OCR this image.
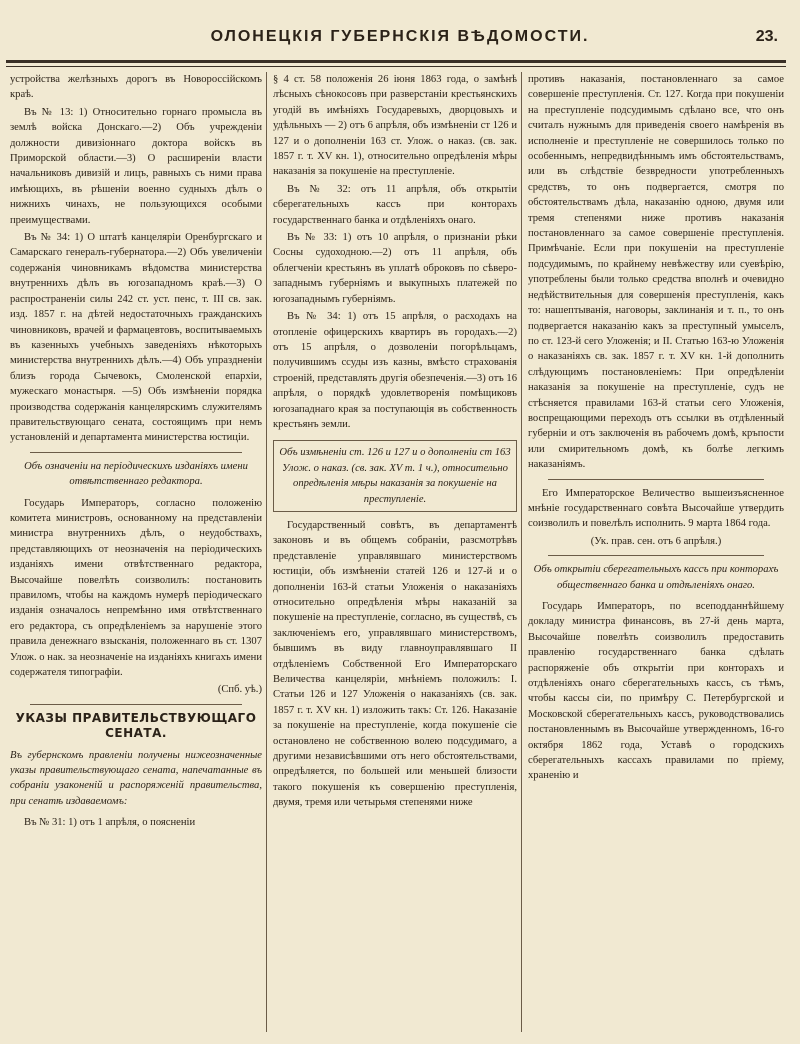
ОЛОНЕЦКІЯ ГУБЕРНСКІЯ ВѢДОМОСТИ.	23.

устройства желѣзныхъ дорогъ въ Новороссійскомъ краѣ.

Въ № 13: 1) Относительно горнаго промысла въ землѣ войска Донскаго.—2) Объ учрежденіи должности дивизіоннаго доктора войскъ въ Приморской области.—3) О расширеніи власти начальниковъ дивизій и лицъ, равныхъ съ ними права имѣющихъ, въ рѣшеніи военно судныхъ дѣлъ о нижнихъ чинахъ, не пользующихся особыми преимуществами.

Въ № 34: 1) О штатѣ канцеляріи Оренбургскаго и Самарскаго генералъ-губернатора.—2) Объ увеличеніи содержанія чиновникамъ вѣдомства министерства внутреннихъ дѣлъ въ югозападномъ краѣ.—3) О распространеніи силы 242 ст. уст. пенс, т. III св. зак. изд. 1857 г. на дѣтей недостаточныхъ гражданскихъ чиновниковъ, врачей и фармацевтовъ, воспитываемыхъ въ казенныхъ учебныхъ заведеніяхъ нѣкоторыхъ министерства внутреннихъ дѣлъ.—4) Объ упраздненіи близъ города Сычевокъ, Смоленской епархіи, мужескаго монастыря. —5) Объ измѣненіи порядка производства содержанія канцелярскимъ служителямъ правительствующаго сената, состоящимъ при немъ установленій и департамента министерства юстиціи.

Объ означеніи на періодическихъ изданіяхъ имени отвѣтственнаго редактора.

Государь Императоръ, согласно положенію комитета министровъ, основанному на представленіи министра внутреннихъ дѣлъ, о неудобствахъ, представляющихъ от неозначенія на періодическихъ изданіяхъ имени отвѣтственнаго редактора, Высочайше повелѣть соизволилъ: постановить правиломъ, чтобы на каждомъ нумерѣ періодическаго изданія означалось непремѣнно имя отвѣтственнаго его редактора, съ опредѣленіемъ за нарушеніе этого правила денежнаго взысканія, положеннаго въ ст. 1307 Улож. о нак. за неозначеніе на изданіяхъ книгахъ имени содержателя типографіи.

(Спб. уѣ.)

УКАЗЫ ПРАВИТЕЛЬСТВУЮЩАГО СЕНАТА.

Въ губернскомъ правленіи получены нижеозначенные указы правительствующаго сената, напечатанные въ собраніи узаконеній и распоряженій правительства, при сенатѣ издаваемомъ:

Въ № 31: 1) отъ 1 апрѣля, о поясненіи

§ 4 ст. 58 положенія 26 іюня 1863 года, о замѣнѣ лѣсныхъ сѣнокосовъ при разверстаніи крестьянскихъ угодій въ имѣніяхъ Государевыхъ, дворцовыхъ и удѣльныхъ — 2) отъ 6 апрѣля, объ измѣненіи ст 126 и 127 и о дополненіи 163 ст. Улож. о наказ. (св. зак. 1857 г. т. XV кн. 1), относительно опредѣленія мѣры наказанія за покушеніе на преступленіе.

Въ № 32: отъ 11 апрѣля, объ открытіи сберегательныхъ кассъ при конторахъ государственнаго банка и отдѣленіяхъ онаго.

Въ № 33: 1) отъ 10 апрѣля, о признаніи рѣки Сосны судоходною.—2) отъ 11 апрѣля, объ облегченіи крестьянъ въ уплатѣ оброковъ по сѣверо-западнымъ губерніямъ и выкупныхъ платежей по югозападнымъ губерніямъ.

Въ № 34: 1) отъ 15 апрѣля, о расходахъ на отопленіе офицерскихъ квартиръ въ городахъ.—2) отъ 15 апрѣля, о дозволеніи погорѣльцамъ, получившимъ ссуды изъ казны, вмѣсто страхованія строеній, представлять другія обезпеченія.—3) отъ 16 апрѣля, о порядкѣ удовлетворенія помѣщиковъ югозападнаго края за поступающія въ собственность крестьянъ земли.

Объ измѣненіи ст. 126 и 127 и о дополненіи ст 163 Улож. о наказ. (св. зак. XV т. 1 ч.), относительно опредѣленія мѣры наказанія за покушеніе на преступленіе.

Государственный совѣтъ, въ департаментѣ законовъ и въ общемъ собраніи, разсмотрѣвъ представленіе управлявшаго министерствомъ юстиціи, объ измѣненіи статей 126 и 127-й и о дополненіи 163-й статьи Уложенія о наказаніяхъ относительно опредѣленія мѣры наказаній за покушеніе на преступленіе, согласно, въ существѣ, съ заключеніемъ его, управлявшаго министерствомъ, бывшимъ въ виду главноуправлявшаго II отдѣленіемъ Собственной Его Императорскаго Величества канцеляріи, мнѣніемъ положилъ: I. Статьи 126 и 127 Уложенія о наказаніяхъ (св. зак. 1857 г. т. XV кн. 1) изложить такъ: Ст. 126. Наказаніе за покушеніе на преступленіе, когда покушеніе сіе остановлено не собственною волею подсудимаго, а другими независѣвшими отъ него обстоятельствами, опредѣляется, по большей или меньшей близости такого покушенія къ совершенію преступленія, двумя, тремя или четырьмя степенями ниже

противъ наказанія, постановленнаго за самое совершеніе преступленія. Ст. 127. Когда при покушеніи на преступленіе подсудимымъ сдѣлано все, что онъ считалъ нужнымъ для приведенія своего намѣренія въ исполненіе и преступленіе не совершилось только по особеннымъ, непредвидѣннымъ имъ обстоятельствамъ, или въ слѣдствіе безвредности употребленныхъ средствъ, то онъ подвергается, смотря по обстоятельствамъ дѣла, наказанію одною, двумя или тремя степенями ниже противъ наказанія постановленнаго за самое совершеніе преступленія. Примѣчаніе. Если при покушеніи на преступленіе подсудимымъ, по крайнему невѣжеству или суевѣрію, употреблены были только средства вполнѣ и очевидно недѣйствительныя для совершенія преступленія, какъ то: нашептыванія, наговоры, заклинанія и т. п., то онъ подвергается наказанію какъ за преступный умыселъ, по ст. 123-й сего Уложенія; и II. Статью 163-ю Уложенія о наказаніяхъ св. зак. 1857 г. т. XV кн. 1-й дополнить слѣдующимъ постановленіемъ: При опредѣленіи наказанія за покушеніе на преступленіе, судъ не стѣсняется правилами 163-й статьи сего Уложенія, воспрещающими переходъ отъ ссылки въ отдѣленный губерніи и отъ заключенія въ рабочемъ домѣ, кръпости или смирительномъ домѣ, къ болѣе легкимъ наказаніямъ.

Его Императорское Величество вышеизъясненное мнѣніе государственнаго совѣта Высочайше утвердить соизволилъ и повелѣлъ исполнить. 9 марта 1864 года.

(Ук. прав. сен. отъ 6 апрѣля.)

Объ открытіи сберегательныхъ кассъ при конторахъ общественнаго банка и отдѣленіяхъ онаго.

Государь Императоръ, по всеподданнѣйшему докладу министра финансовъ, въ 27-й день марта, Высочайше повелѣть соизволилъ предоставить правленію государственнаго банка сдѣлать распоряженіе объ открытіи при конторахъ и отдѣленіяхъ онаго сберегательныхъ кассъ, съ тѣмъ, чтобы кассы сіи, по примѣру С. Петербургской и Московской сберегательныхъ кассъ, руководствовались постановленнымъ въ Высочайше утвержденномъ, 16-го октября 1862 года, Уставѣ о городскихъ сберегательныхъ кассахъ правилами по пріему, храненію и
